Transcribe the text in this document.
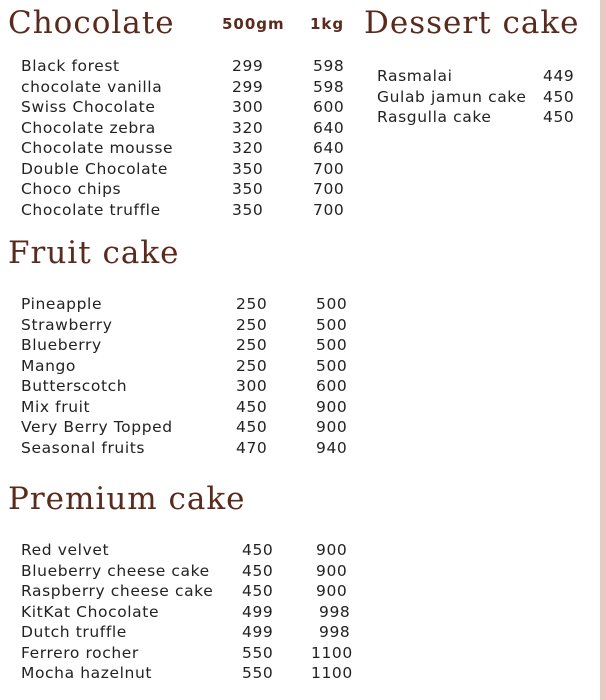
Chocolate	500gm 1kg
Black forest	299	598
chocolate vanilla	299	598
Swiss Chocolate	300	600
Chocolate zebra	320	640
Chocolate mousse	320	640
Double Chocolate	350	700
Choco chips	350	700
Chocolate truffle	350	700
Dessert cake
Rasmalai	449
Gulab jamun cake 450
Rasgulla cake	450
Fruit cake
Pineapple	250	500
Strawberry	250	500
Blueberry	250	500
Mango	250	500
Butterscotch	300	600
Mix fruit	450	900
Very Berry Topped	450	900
Seasonal fruits	470	940
Premium cake
Red velvet	450	900
Blueberry cheese cake 450	900
Raspberry cheese cake 450	900
KitKat Chocolate	499	998
Dutch truffle	499	998
Ferrero rocher	550 1100
Mocha hazelnut	550 1100
